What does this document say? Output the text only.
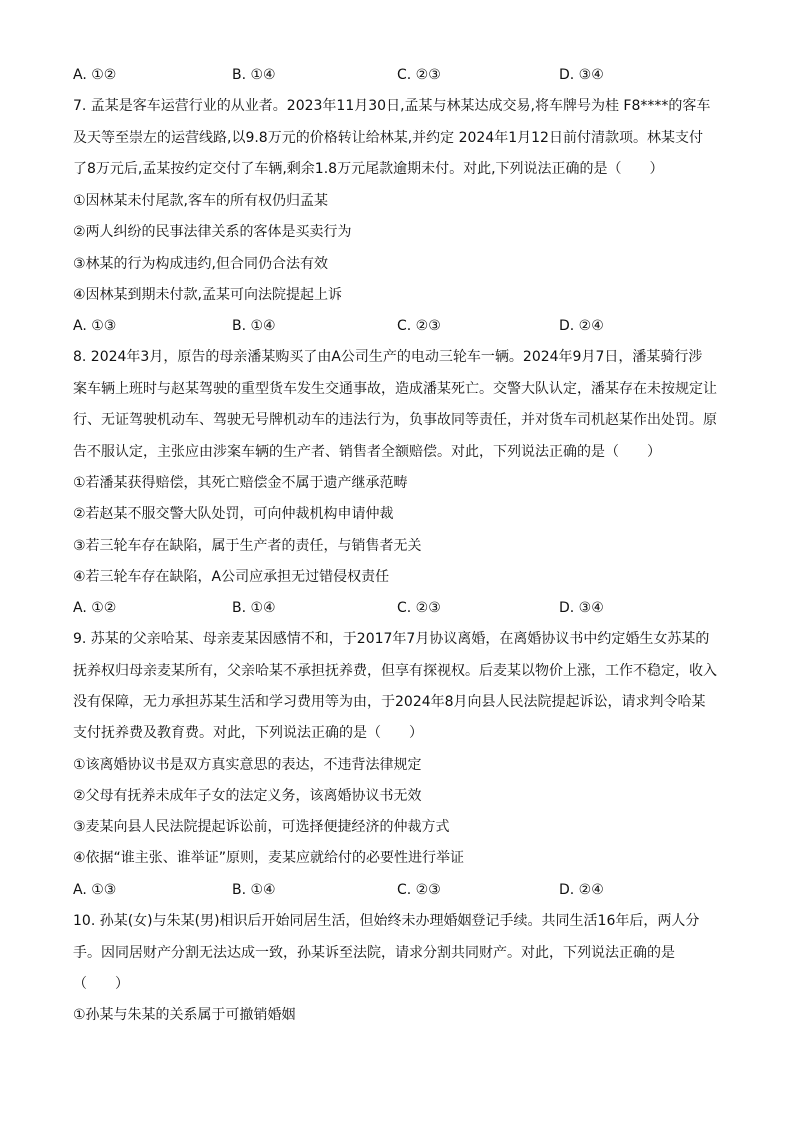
A. ①②	B. ①④	C. ②③	D. ③④
7. 孟某是客车运营行业的从业者。2023年11月30日,孟某与林某达成交易,将车牌号为桂 F8****的客车
及天等至崇左的运营线路,以9.8万元的价格转让给林某,并约定 2024年1月12日前付清款项。林某支付
了8万元后,孟某按约定交付了车辆,剩余1.8万元尾款逾期未付。对此,下列说法正确的是（　　）
①因林某未付尾款,客车的所有权仍归孟某
②两人纠纷的民事法律关系的客体是买卖行为
③林某的行为构成违约,但合同仍合法有效
④因林某到期未付款,孟某可向法院提起上诉
A. ①③	B. ①④	C. ②③	D. ②④
8. 2024年3月，原告的母亲潘某购买了由A公司生产的电动三轮车一辆。2024年9月7日，潘某骑行涉
案车辆上班时与赵某驾驶的重型货车发生交通事故，造成潘某死亡。交警大队认定，潘某存在未按规定让
行、无证驾驶机动车、驾驶无号牌机动车的违法行为，负事故同等责任，并对货车司机赵某作出处罚。原
告不服认定，主张应由涉案车辆的生产者、销售者全额赔偿。对此，下列说法正确的是（　　）
①若潘某获得赔偿，其死亡赔偿金不属于遗产继承范畴
②若赵某不服交警大队处罚，可向仲裁机构申请仲裁
③若三轮车存在缺陷，属于生产者的责任，与销售者无关
④若三轮车存在缺陷，A公司应承担无过错侵权责任
A. ①②	B. ①④	C. ②③	D. ③④
9. 苏某的父亲哈某、母亲麦某因感情不和，于2017年7月协议离婚，在离婚协议书中约定婚生女苏某的
抚养权归母亲麦某所有，父亲哈某不承担抚养费，但享有探视权。后麦某以物价上涨，工作不稳定，收入
没有保障，无力承担苏某生活和学习费用等为由，于2024年8月向县人民法院提起诉讼，请求判令哈某
支付抚养费及教育费。对此，下列说法正确的是（　　）
①该离婚协议书是双方真实意思的表达，不违背法律规定
②父母有抚养未成年子女的法定义务，该离婚协议书无效
③麦某向县人民法院提起诉讼前，可选择便捷经济的仲裁方式
④依据“谁主张、谁举证”原则，麦某应就给付的必要性进行举证
A. ①③	B. ①④	C. ②③	D. ②④
10. 孙某(女)与朱某(男)相识后开始同居生活，但始终未办理婚姻登记手续。共同生活16年后，两人分
手。因同居财产分割无法达成一致，孙某诉至法院，请求分割共同财产。对此，下列说法正确的是
（　　）
①孙某与朱某的关系属于可撤销婚姻
